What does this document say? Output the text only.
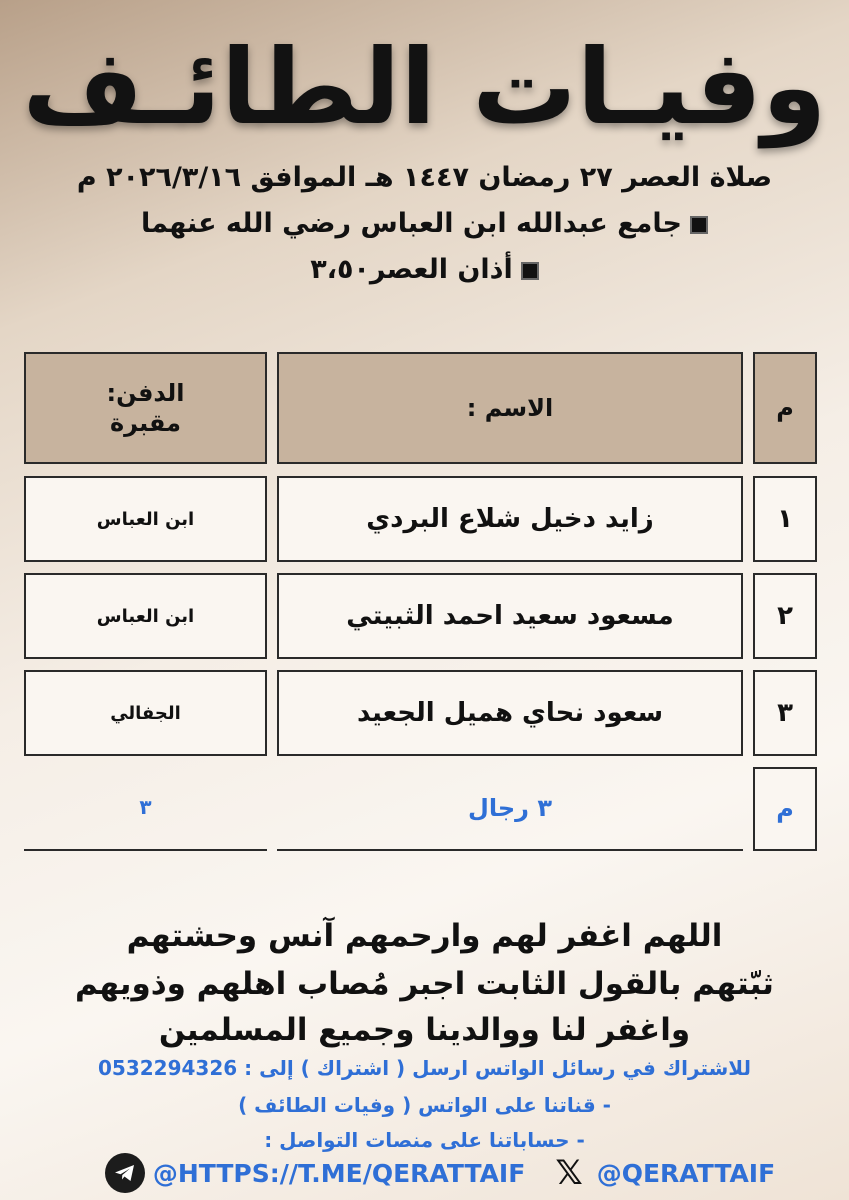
وفيـات الطائـف
صلاة العصر ٢٧ رمضان ١٤٤٧ هـ الموافق ٢٠٢٦/٣/١٦ م
جامع عبدالله ابن العباس رضي الله عنهما
أذان العصر٣،٥٠
م
الاسم :
الدفن:
مقبرة
١
زايد دخيل شلاع البردي
ابن العباس
٢
مسعود سعيد احمد الثبيتي
ابن العباس
٣
سعود نحاي هميل الجعيد
الجفالي
م
٣ رجال
٣
اللهم اغفر لهم وارحمهم آنس وحشتهم
ثبّتهم بالقول الثابت اجبر مُصاب اهلهم وذويهم
واغفر لنا ووالدينا وجميع المسلمين
للاشتراك في رسائل الواتس ارسل ( اشتراك ) إلى : 0532294326
- قناتنا على الواتس ( وفيات الطائف )
- حساباتنا على منصات التواصل :
@HTTPS://T.ME/QERATTAIF 𝕏 @QERATTAIF
